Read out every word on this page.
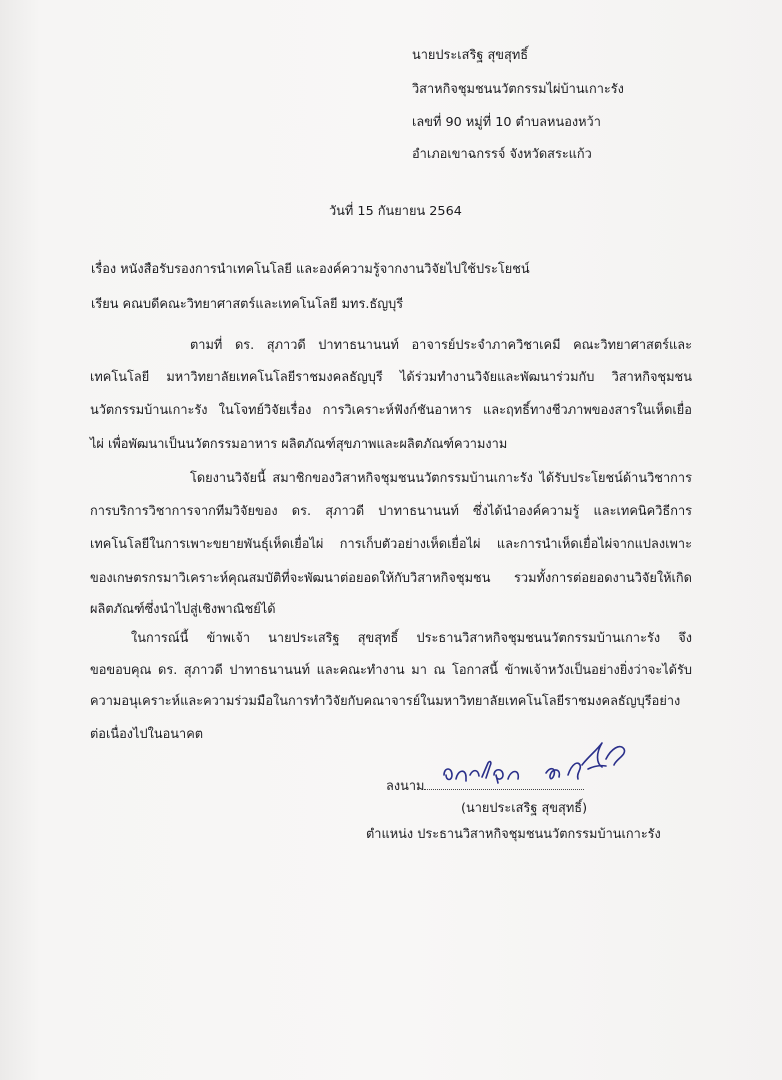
นายประเสริฐ สุขสุทธิ์
วิสาหกิจชุมชนนวัตกรรมไผ่บ้านเกาะรัง
เลขที่ 90 หมู่ที่ 10 ตำบลหนองหว้า
อำเภอเขาฉกรรจ์ จังหวัดสระแก้ว
วันที่ 15 กันยายน 2564
เรื่อง หนังสือรับรองการนำเทคโนโลยี และองค์ความรู้จากงานวิจัยไปใช้ประโยชน์
เรียน คณบดีคณะวิทยาศาสตร์และเทคโนโลยี มทร.ธัญบุรี
ตามที่ ดร. สุภาวดี ปาทาธนานนท์ อาจารย์ประจำภาควิชาเคมี คณะวิทยาศาสตร์และ
เทคโนโลยี มหาวิทยาลัยเทคโนโลยีราชมงคลธัญบุรี ได้ร่วมทำงานวิจัยและพัฒนาร่วมกับ วิสาหกิจชุมชน
นวัตกรรมบ้านเกาะรัง ในโจทย์วิจัยเรื่อง การวิเคราะห์ฟังก์ชันอาหาร และฤทธิ์ทางชีวภาพของสารในเห็ดเยื่อ
ไผ่ เพื่อพัฒนาเป็นนวัตกรรมอาหาร ผลิตภัณฑ์สุขภาพและผลิตภัณฑ์ความงาม
โดยงานวิจัยนี้ สมาชิกของวิสาหกิจชุมชนนวัตกรรมบ้านเกาะรัง ได้รับประโยชน์ด้านวิชาการ
การบริการวิชาการจากทีมวิจัยของ ดร. สุภาวดี ปาทาธนานนท์ ซึ่งได้นำองค์ความรู้ และเทคนิควิธีการ
เทคโนโลยีในการเพาะขยายพันธุ์เห็ดเยื่อไผ่ การเก็บตัวอย่างเห็ดเยื่อไผ่ และการนำเห็ดเยื่อไผ่จากแปลงเพาะ
ของเกษตรกรมาวิเคราะห์คุณสมบัติที่จะพัฒนาต่อยอดให้กับวิสาหกิจชุมชน รวมทั้งการต่อยอดงานวิจัยให้เกิด
ผลิตภัณฑ์ซึ่งนำไปสู่เชิงพาณิชย์ได้
ในการณ์นี้ ข้าพเจ้า นายประเสริฐ สุขสุทธิ์ ประธานวิสาหกิจชุมชนนวัตกรรมบ้านเกาะรัง จึง
ขอขอบคุณ ดร. สุภาวดี ปาทาธนานนท์ และคณะทำงาน มา ณ โอกาสนี้ ข้าพเจ้าหวังเป็นอย่างยิ่งว่าจะได้รับ
ความอนุเคราะห์และความร่วมมือในการทำวิจัยกับคณาจารย์ในมหาวิทยาลัยเทคโนโลยีราชมงคลธัญบุรีอย่าง
ต่อเนื่องไปในอนาคต
ลงนาม
(นายประเสริฐ สุขสุทธิ์)
ตำแหน่ง ประธานวิสาหกิจชุมชนนวัตกรรมบ้านเกาะรัง
